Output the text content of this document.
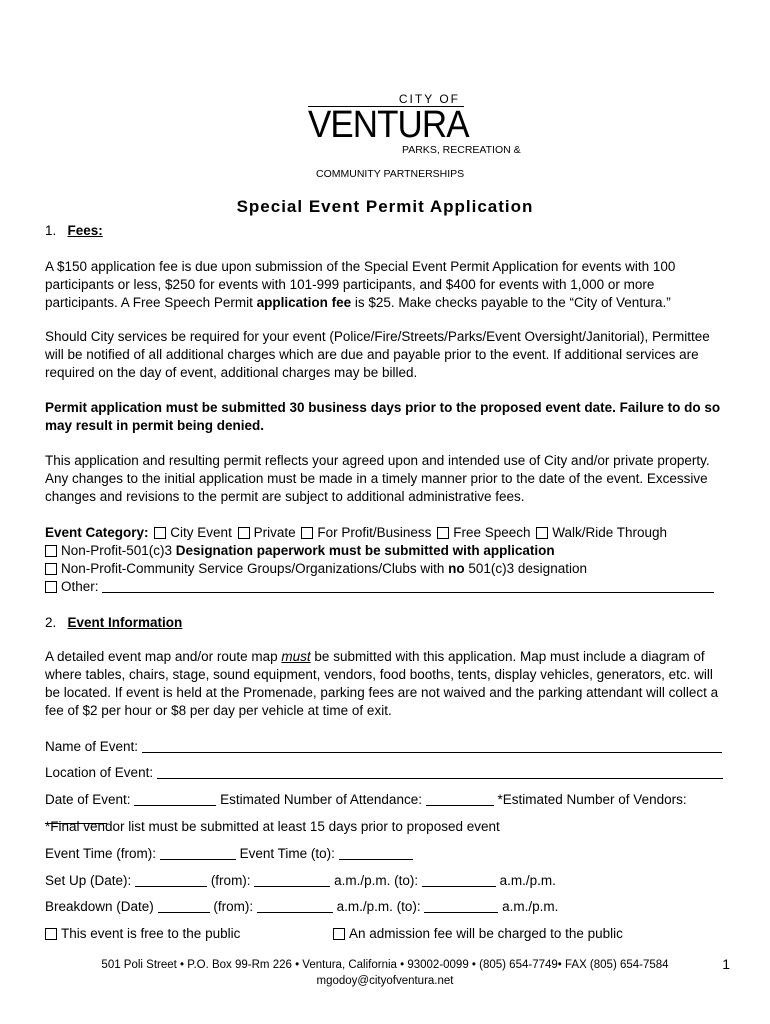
CITY OF
VENTURA
PARKS, RECREATION &
COMMUNITY PARTNERSHIPS
Special Event Permit Application
1. Fees:
A $150 application fee is due upon submission of the Special Event Permit Application for events with 100 participants or less, $250 for events with 101-999 participants, and $400 for events with 1,000 or more participants. A Free Speech Permit application fee is $25. Make checks payable to the “City of Ventura.”
Should City services be required for your event (Police/Fire/Streets/Parks/Event Oversight/Janitorial), Permittee will be notified of all additional charges which are due and payable prior to the event. If additional services are required on the day of event, additional charges may be billed.
Permit application must be submitted 30 business days prior to the proposed event date. Failure to do so may result in permit being denied.
This application and resulting permit reflects your agreed upon and intended use of City and/or private property. Any changes to the initial application must be made in a timely manner prior to the date of the event. Excessive changes and revisions to the permit are subject to additional administrative fees.
Event Category: City Event Private For Profit/Business Free Speech Walk/Ride Through
Non-Profit-501(c)3 Designation paperwork must be submitted with application
Non-Profit-Community Service Groups/Organizations/Clubs with no 501(c)3 designation
Other:
2. Event Information
A detailed event map and/or route map must be submitted with this application. Map must include a diagram of where tables, chairs, stage, sound equipment, vendors, food booths, tents, display vehicles, generators, etc. will be located. If event is held at the Promenade, parking fees are not waived and the parking attendant will collect a fee of $2 per hour or $8 per day per vehicle at time of exit.
Name of Event:
Location of Event:
Date of Event:	Estimated Number of Attendance:	*Estimated Number of Vendors:
*Final vendor list must be submitted at least 15 days prior to proposed event
Event Time (from):	Event Time (to):
Set Up (Date):	(from):	a.m./p.m. (to):	a.m./p.m.
Breakdown (Date)	(from):	a.m./p.m. (to):	a.m./p.m.
This event is free to the public	An admission fee will be charged to the public
501 Poli Street • P.O. Box 99-Rm 226 • Ventura, California • 93002-0099 • (805) 654-7749• FAX (805) 654-7584
mgodoy@cityofventura.net
1
